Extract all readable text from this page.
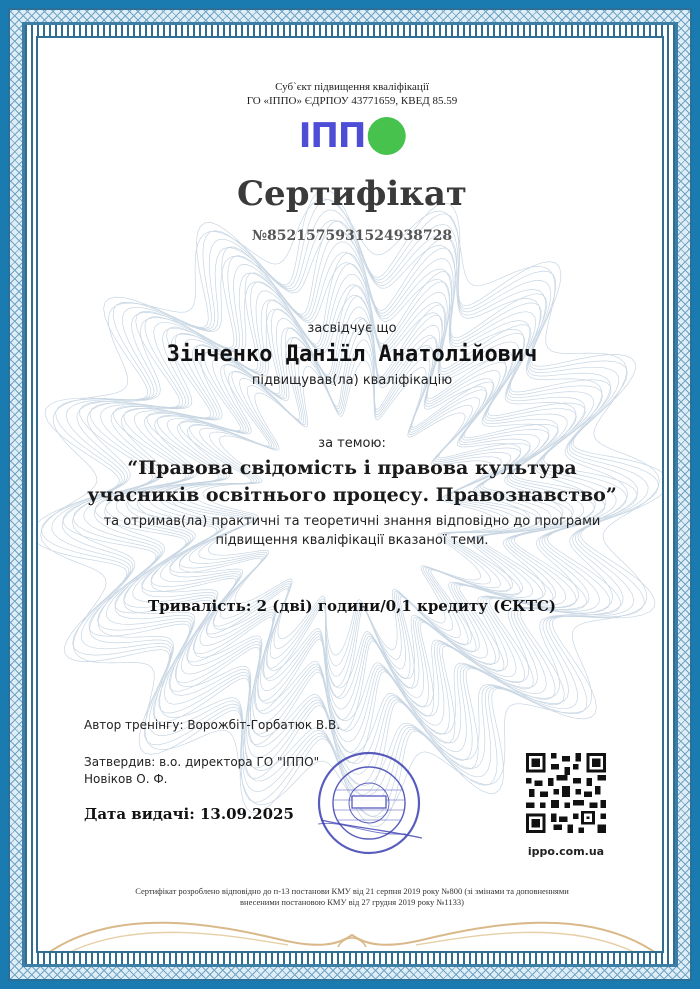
Суб`єкт підвищення кваліфікації
ГО «ІППО» ЄДРПОУ 43771659, КВЕД 85.59
ІПП
Сертифікат
№8521575931524938728
засвідчує що
Зінченко Даніїл Анатолійович
підвищував(ла) кваліфікацію
за темою:
“Правова свідомість і правова культура
учасників освітнього процесу. Правознавство”
та отримав(ла) практичні та теоретичні знання відповідно до програми
підвищення кваліфікації вказаної теми.
Тривалість: 2 (дві) години/0,1 кредиту (ЄКТС)
Автор тренінгу: Ворожбіт-Горбатюк В.В.
Затвердив: в.о. директора ГО "ІППО"
Новіков О. Ф.
Дата видачі: 13.09.2025
ippo.com.ua
Сертифікат розроблено відповідно до п-13 постанови КМУ від 21 серпня 2019 року №800 (зі змінами та доповненнями
внесеними постановою КМУ від 27 грудня 2019 року №1133)
